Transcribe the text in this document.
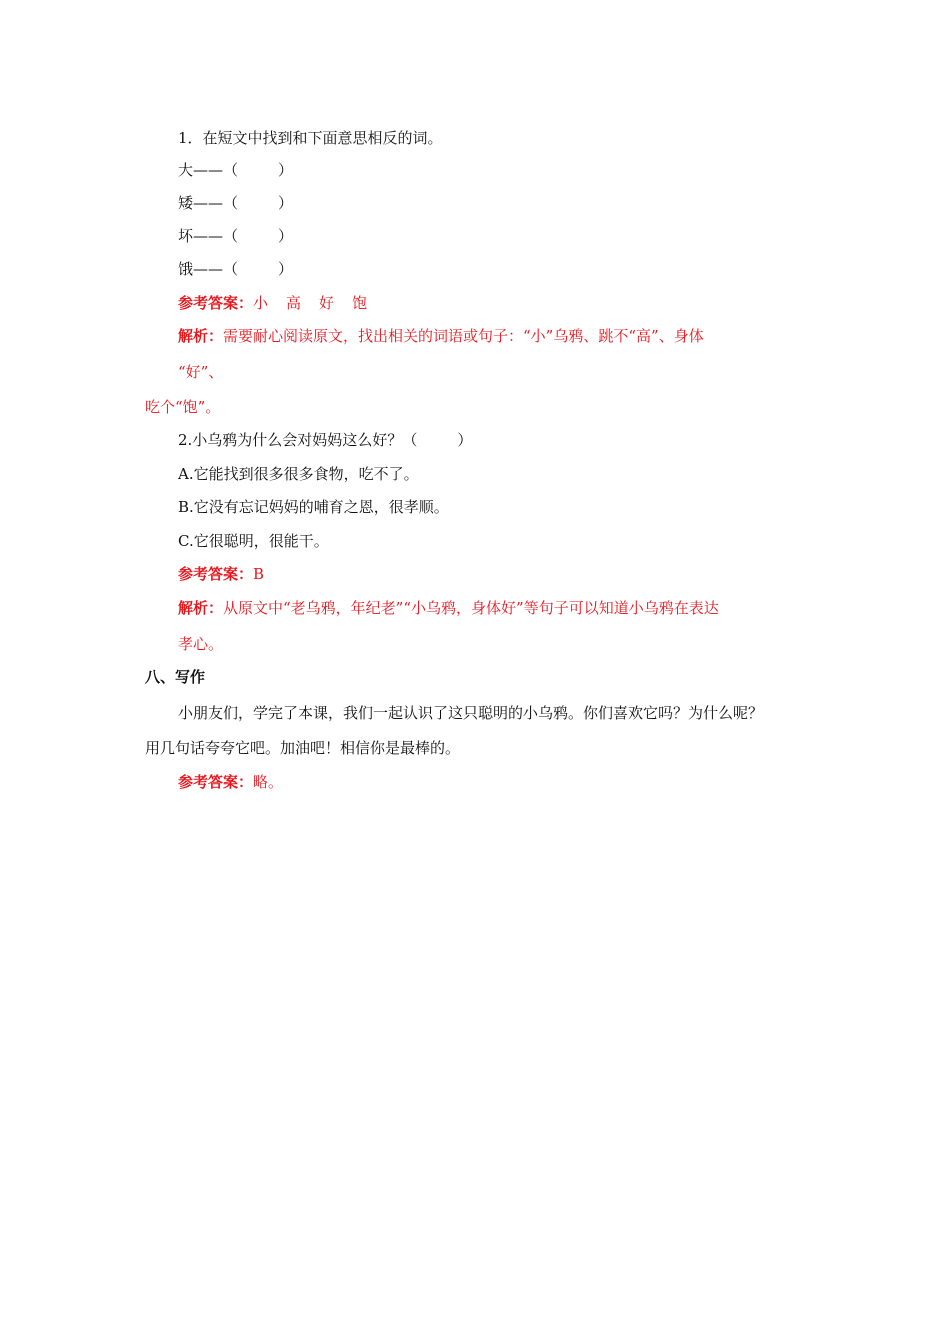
1．在短文中找到和下面意思相反的词。
大——（	）
矮——（	）
坏——（	）
饿——（	）
参考答案：小 高 好 饱
解析：需要耐心阅读原文，找出相关的词语或句子：“小”乌鸦、跳不“高”、身体
“好”、
吃个“饱”。
2.小乌鸦为什么会对妈妈这么好？（	）
A.它能找到很多很多食物，吃不了。
B.它没有忘记妈妈的哺育之恩，很孝顺。
C.它很聪明，很能干。
参考答案：B
解析：从原文中“老乌鸦，年纪老”“小乌鸦，身体好”等句子可以知道小乌鸦在表达
孝心。
八、写作
小朋友们，学完了本课，我们一起认识了这只聪明的小乌鸦。你们喜欢它吗？为什么呢？
用几句话夸夸它吧。加油吧！相信你是最棒的。
参考答案：略。
